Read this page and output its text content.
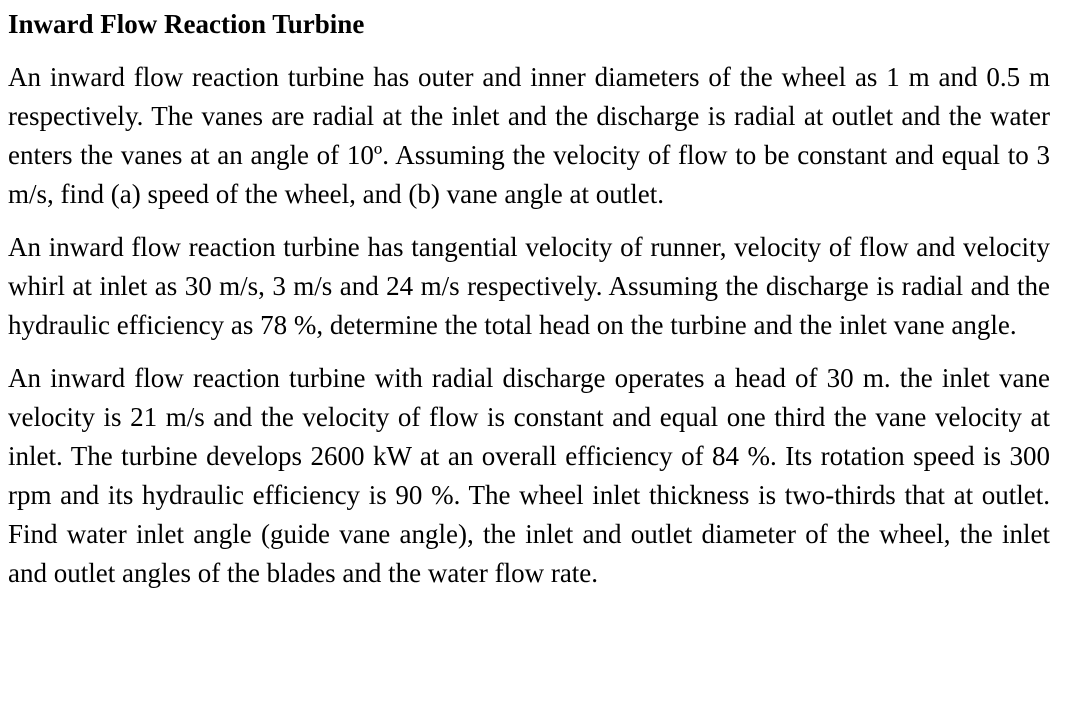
Inward Flow Reaction Turbine

An inward flow reaction turbine has outer and inner diameters of the wheel as 1 m and 0.5 m respectively. The vanes are radial at the inlet and the discharge is radial at outlet and the water enters the vanes at an angle of 10º. Assuming the velocity of flow to be constant and equal to 3 m/s, find (a) speed of the wheel, and (b) vane angle at outlet.

An inward flow reaction turbine has tangential velocity of runner, velocity of flow and velocity whirl at inlet as 30 m/s, 3 m/s and 24 m/s respectively. Assuming the discharge is radial and the hydraulic efficiency as 78 %, determine the total head on the turbine and the inlet vane angle.

An inward flow reaction turbine with radial discharge operates a head of 30 m. the inlet vane velocity is 21 m/s and the velocity of flow is constant and equal one third the vane velocity at inlet. The turbine develops 2600 kW at an overall efficiency of 84 %. Its rotation speed is 300 rpm and its hydraulic efficiency is 90 %. The wheel inlet thickness is two-thirds that at outlet. Find water inlet angle (guide vane angle), the inlet and outlet diameter of the wheel, the inlet and outlet angles of the blades and the water flow rate.
